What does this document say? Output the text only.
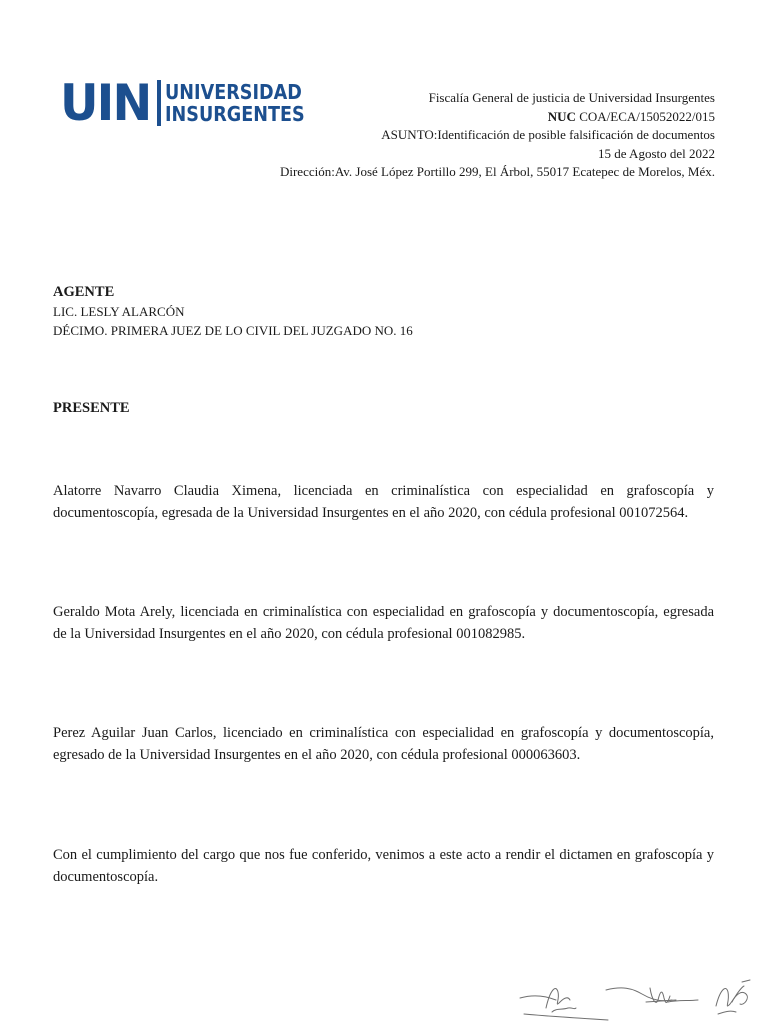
UIN UNIVERSIDAD
INSURGENTES
Fiscalía General de justicia de Universidad Insurgentes
NUC COA/ECA/15052022/015
ASUNTO:Identificación de posible falsificación de documentos
15 de Agosto del 2022
Dirección:Av. José López Portillo 299, El Árbol, 55017 Ecatepec de Morelos, Méx.
AGENTE
LIC. LESLY ALARCÓN
DÉCIMO. PRIMERA JUEZ DE LO CIVIL DEL JUZGADO NO. 16
PRESENTE

Alatorre Navarro Claudia Ximena, licenciada en criminalística con especialidad en grafoscopía y documentoscopía, egresada de la Universidad Insurgentes en el año 2020, con cédula profesional 001072564.

Geraldo Mota Arely, licenciada en criminalística con especialidad en grafoscopía y documentoscopía, egresada de la Universidad Insurgentes en el año 2020, con cédula profesional 001082985.

Perez Aguilar Juan Carlos, licenciado en criminalística con especialidad en grafoscopía y documentoscopía, egresado de la Universidad Insurgentes en el año 2020, con cédula profesional 000063603.

Con el cumplimiento del cargo que nos fue conferido, venimos a este acto a rendir el dictamen en grafoscopía y documentoscopía.
